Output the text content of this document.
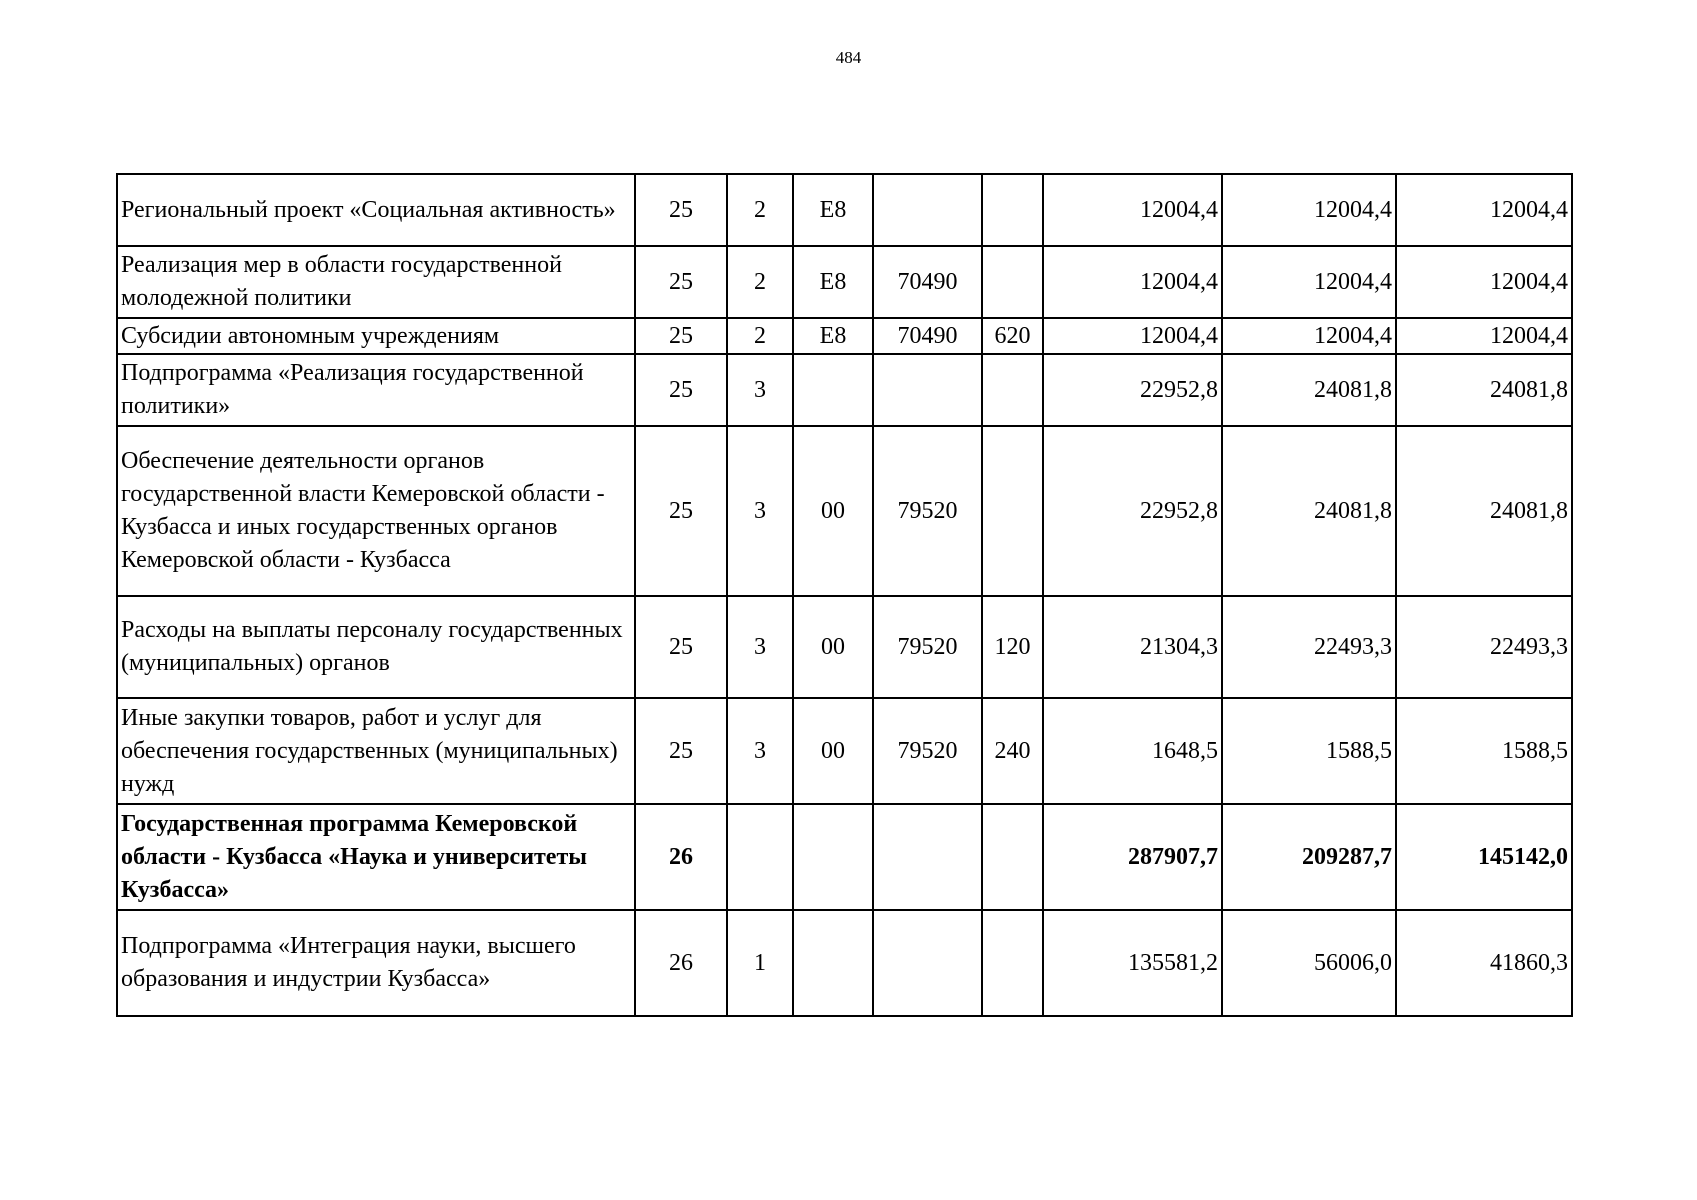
484
Региональный проект «Социальная активность»	25	2	Е8			12004,4	12004,4	12004,4
Реализация мер в области государственной молодежной политики	25	2	Е8	70490		12004,4	12004,4	12004,4
Субсидии автономным учреждениям	25	2	Е8	70490	620	12004,4	12004,4	12004,4
Подпрограмма «Реализация государственной политики»	25	3				22952,8	24081,8	24081,8
Обеспечение деятельности органов государственной власти Кемеровской области - Кузбасса и иных государственных органов Кемеровской области - Кузбасса	25	3	00	79520		22952,8	24081,8	24081,8
Расходы на выплаты персоналу государственных (муниципальных) органов	25	3	00	79520	120	21304,3	22493,3	22493,3
Иные закупки товаров, работ и услуг для обеспечения государственных (муниципальных) нужд	25	3	00	79520	240	1648,5	1588,5	1588,5
Государственная программа Кемеровской области - Кузбасса «Наука и университеты Кузбасса»	26					287907,7	209287,7	145142,0
Подпрограмма «Интеграция науки, высшего образования и индустрии Кузбасса»	26	1				135581,2	56006,0	41860,3
